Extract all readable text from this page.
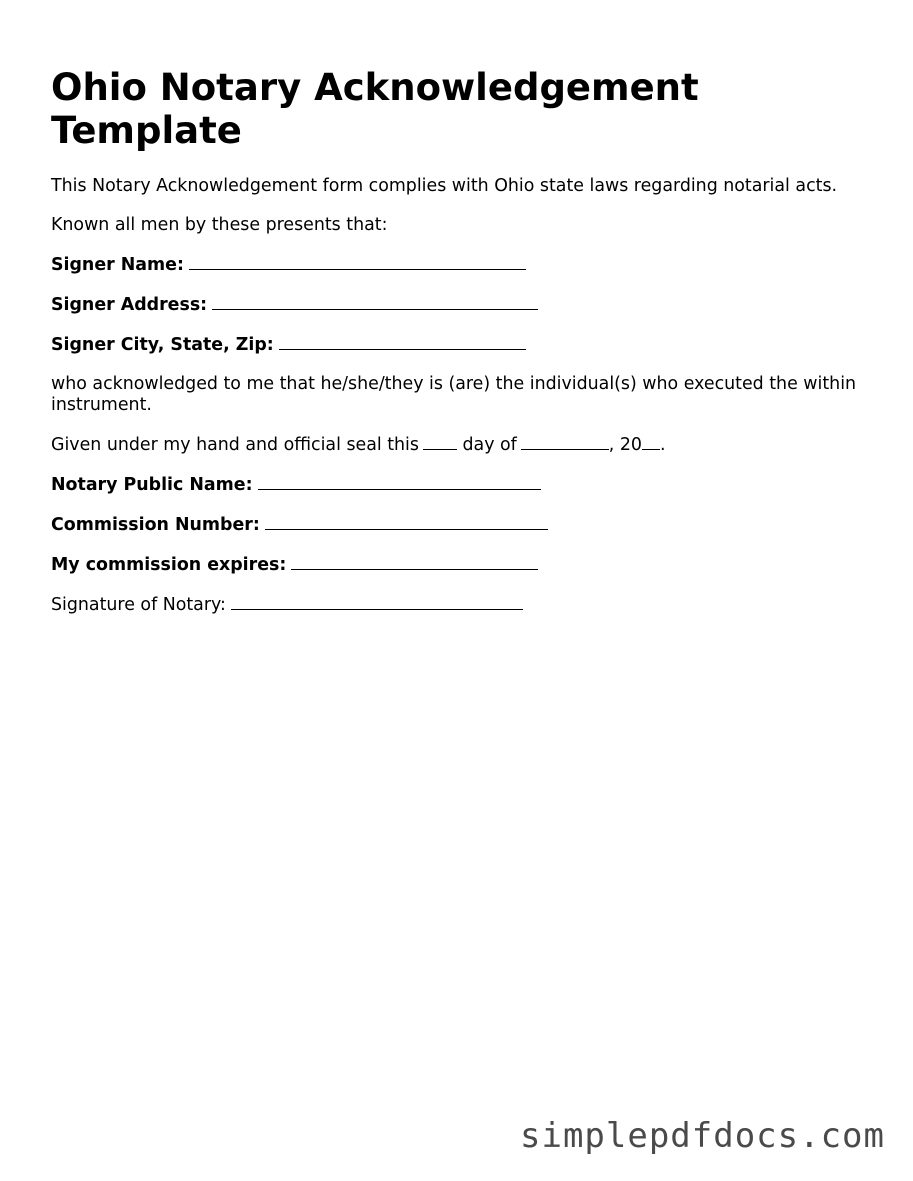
Ohio Notary Acknowledgement Template

This Notary Acknowledgement form complies with Ohio state laws regarding notarial acts.

Known all men by these presents that:

Signer Name:
Signer Address:
Signer City, State, Zip:

who acknowledged to me that he/she/they is (are) the individual(s) who executed the within instrument.

Given under my hand and official seal this	day of	, 20 .
Notary Public Name:
Commission Number:
My commission expires:
Signature of Notary:
simplepdfdocs.com
